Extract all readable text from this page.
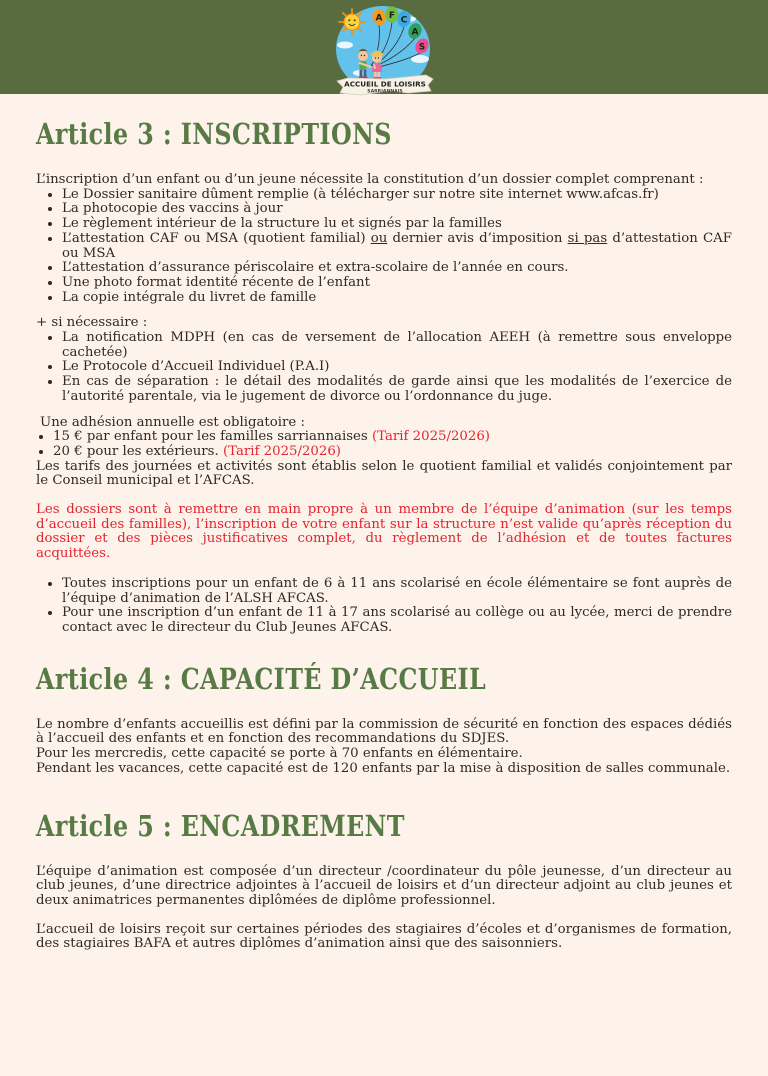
A F C
A
S
ACCUEIL DE LOISIRS
SARRIANNAIS
Article 3 : INSCRIPTIONS

L’inscription d’un enfant ou d’un jeune nécessite la constitution d’un dossier complet comprenant :

• Le Dossier sanitaire dûment remplie (à télécharger sur notre site internet www.afcas.fr)
• La photocopie des vaccins à jour
• Le règlement intérieur de la structure lu et signés par la familles
• L’attestation CAF ou MSA (quotient familial) ou dernier avis d’imposition si pas d’attestation CAF ou MSA
• L’attestation d’assurance périscolaire et extra-scolaire de l’année en cours.
• Une photo format identité récente de l’enfant
• La copie intégrale du livret de famille

+ si nécessaire :

• La notification MDPH (en cas de versement de l’allocation AEEH (à remettre sous enveloppe cachetée)
• Le Protocole d’Accueil Individuel (P.A.I)
• En cas de séparation : le détail des modalités de garde ainsi que les modalités de l’exercice de l’autorité parentale, via le jugement de divorce ou l’ordonnance du juge.

Une adhésion annuelle est obligatoire :

• 15 € par enfant pour les familles sarriannaises (Tarif 2025/2026)
• 20 € pour les extérieurs. (Tarif 2025/2026)

Les tarifs des journées et activités sont établis selon le quotient familial et validés conjointement par le Conseil municipal et l’AFCAS.

Les dossiers sont à remettre en main propre à un membre de l’équipe d’animation (sur les temps d’accueil des familles), l’inscription de votre enfant sur la structure n’est valide qu’après réception du dossier et des pièces justificatives complet, du règlement de l’adhésion et de toutes factures acquittées.

• Toutes inscriptions pour un enfant de 6 à 11 ans scolarisé en école élémentaire se font auprès de l’équipe d’animation de l’ALSH AFCAS.
• Pour une inscription d’un enfant de 11 à 17 ans scolarisé au collège ou au lycée, merci de prendre contact avec le directeur du Club Jeunes AFCAS.
Article 4 : CAPACITÉ D’ACCUEIL

Le nombre d’enfants accueillis est défini par la commission de sécurité en fonction des espaces dédiés à l’accueil des enfants et en fonction des recommandations du SDJES.

Pour les mercredis, cette capacité se porte à 70 enfants en élémentaire.

Pendant les vacances, cette capacité est de 120 enfants par la mise à disposition de salles communale.

Article 5 : ENCADREMENT

L’équipe d’animation est composée d’un directeur /coordinateur du pôle jeunesse, d’un directeur au club jeunes, d’une directrice adjointes à l’accueil de loisirs et d’un directeur adjoint au club jeunes et deux animatrices permanentes diplômées de diplôme professionnel.

L’accueil de loisirs reçoit sur certaines périodes des stagiaires d’écoles et d’organismes de formation, des stagiaires BAFA et autres diplômes d’animation ainsi que des saisonniers.
